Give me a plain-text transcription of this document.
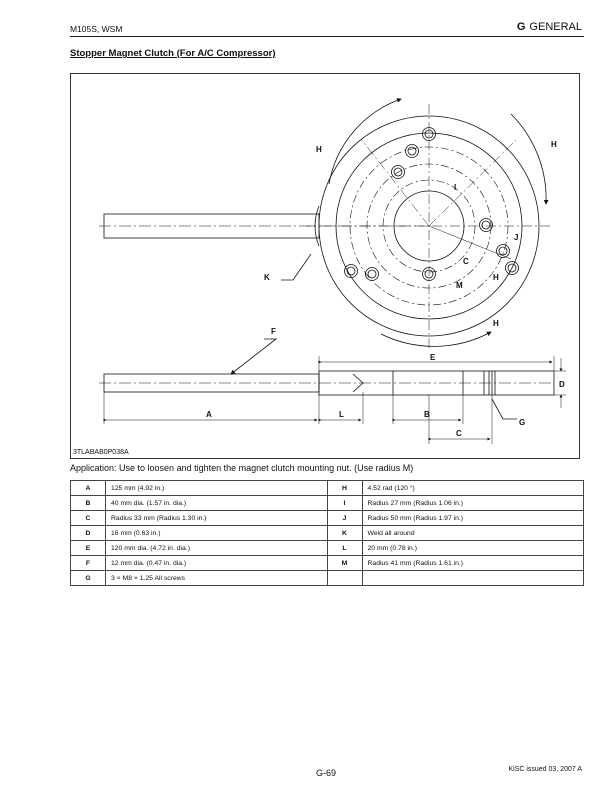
M105S, WSM	G GENERAL
Stopper Magnet Clutch (For A/C Compressor)
H
H
I
J
C
H
M
H
K
F
E
D
A	L	B
C
G
3TLABAB0P038A
Application: Use to loosen and tighten the magnet clutch mounting nut. (Use radius M)
A	125 mm (4.92 in.)	H	4.52 rad (120 °)
B	40 mm dia. (1.57 in. dia.)	I	Radius 27 mm (Radius 1.06 in.)
C	Radius 33 mm (Radius 1.30 in.)	J	Radius 50 mm (Radius 1.97 in.)
D	16 mm (0.63 in.)	K	Weld all around
E	120 mm dia. (4.72 in. dia.)	L	20 mm (0.78 in.)
F	12 mm dia. (0.47 in. dia.)	M	Radius 41 mm (Radius 1.61 in.)
G	3 × M8 × 1.25 All screws		
G-69	KiSC issued 03, 2007 A
